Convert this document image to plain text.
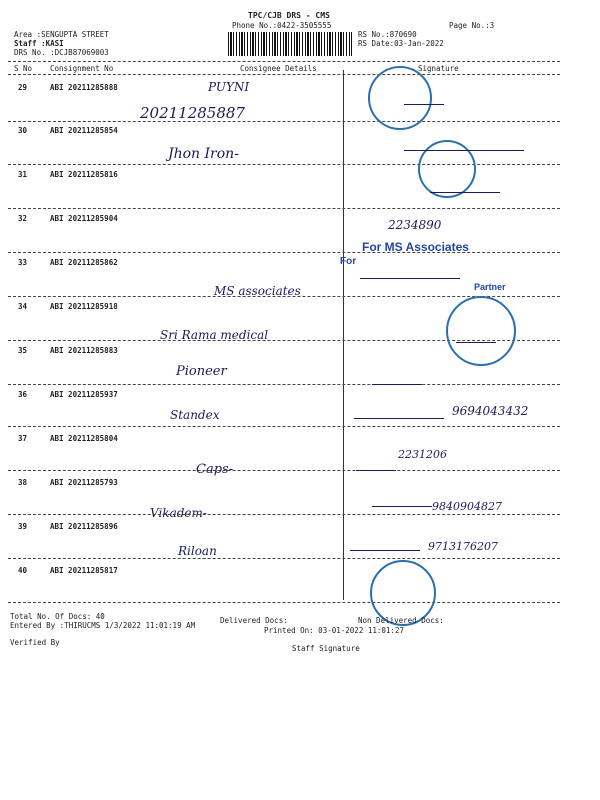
TPC/CJB DRS - CMS
Phone No.:0422-3505555	Page No.:3
Area :SENGUPTA STREET
Staff :KASI
DRS No. :DCJB87069003
RS No.:870690
RS Date:03-Jan-2022
S No Consignment No	Consignee Details	Signature
29	ABI 20211285888	PUYNI
20211285887
30	ABI 20211285854
Jhon Iron-
31	ABI 20211285816
32	ABI 20211285904	2234890
33	ABI 20211285862
MS associates
34	ABI 20211285918
Sri Rama medical
35	ABI 20211285883
Pioneer
36	ABI 20211285937
Standex	9694043432
37	ABI 20211285804
Caps-
2231206
38	ABI 20211285793
Vikadem-	9840904827
39	ABI 20211285896
Riloan	9713176207
40	ABI 20211285817
For MS Associates
For
Partner
Total No. Of Docs: 40	Delivered Docs:	Non Delivered Docs:
Entered By :THIRUCMS 1/3/2022 11:01:19 AM
Printed On: 03-01-2022 11:01:27
Verified By
Staff Signature
